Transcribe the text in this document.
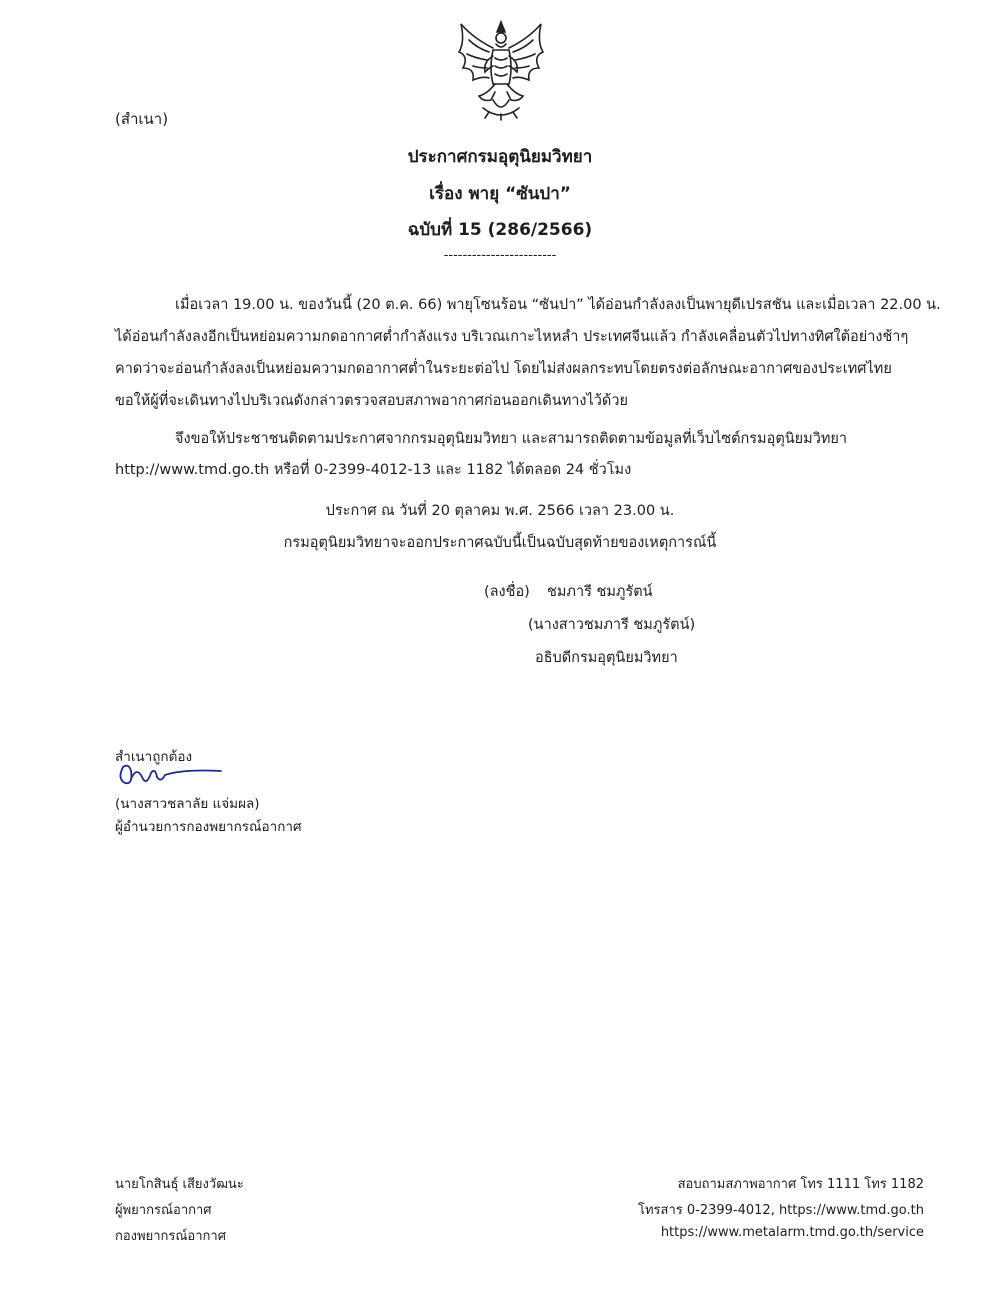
(สำเนา)
ประกาศกรมอุตุนิยมวิทยา
เรื่อง พายุ “ซันปา”
ฉบับที่ 15 (286/2566)
------------------------
เมื่อเวลา 19.00 น. ของวันนี้ (20 ต.ค. 66) พายุโซนร้อน “ซันปา” ได้อ่อนกำลังลงเป็นพายุดีเปรสชัน และเมื่อเวลา 22.00 น.
ได้อ่อนกำลังลงอีกเป็นหย่อมความกดอากาศต่ำกำลังแรง บริเวณเกาะไหหลำ ประเทศจีนแล้ว กำลังเคลื่อนตัวไปทางทิศใต้อย่างช้าๆ
คาดว่าจะอ่อนกำลังลงเป็นหย่อมความกดอากาศต่ำในระยะต่อไป โดยไม่ส่งผลกระทบโดยตรงต่อลักษณะอากาศของประเทศไทย
ขอให้ผู้ที่จะเดินทางไปบริเวณดังกล่าวตรวจสอบสภาพอากาศก่อนออกเดินทางไว้ด้วย
จึงขอให้ประชาชนติดตามประกาศจากกรมอุตุนิยมวิทยา และสามารถติดตามข้อมูลที่เว็บไซต์กรมอุตุนิยมวิทยา
http://www.tmd.go.th หรือที่ 0-2399-4012-13 และ 1182 ได้ตลอด 24 ชั่วโมง
ประกาศ ณ วันที่ 20 ตุลาคม พ.ศ. 2566 เวลา 23.00 น.
กรมอุตุนิยมวิทยาจะออกประกาศฉบับนี้เป็นฉบับสุดท้ายของเหตุการณ์นี้
(ลงชื่อ) ชมภารี ชมภูรัตน์
(นางสาวชมภารี ชมภูรัตน์)
อธิบดีกรมอุตุนิยมวิทยา
สำเนาถูกต้อง
(นางสาวชลาลัย แจ่มผล)
ผู้อำนวยการกองพยากรณ์อากาศ
นายโกสินธุ์ เสียงวัฒนะ
ผู้พยากรณ์อากาศ
กองพยากรณ์อากาศ
สอบถามสภาพอากาศ โทร 1111 โทร 1182
โทรสาร 0-2399-4012, https://www.tmd.go.th
https://www.metalarm.tmd.go.th/service
